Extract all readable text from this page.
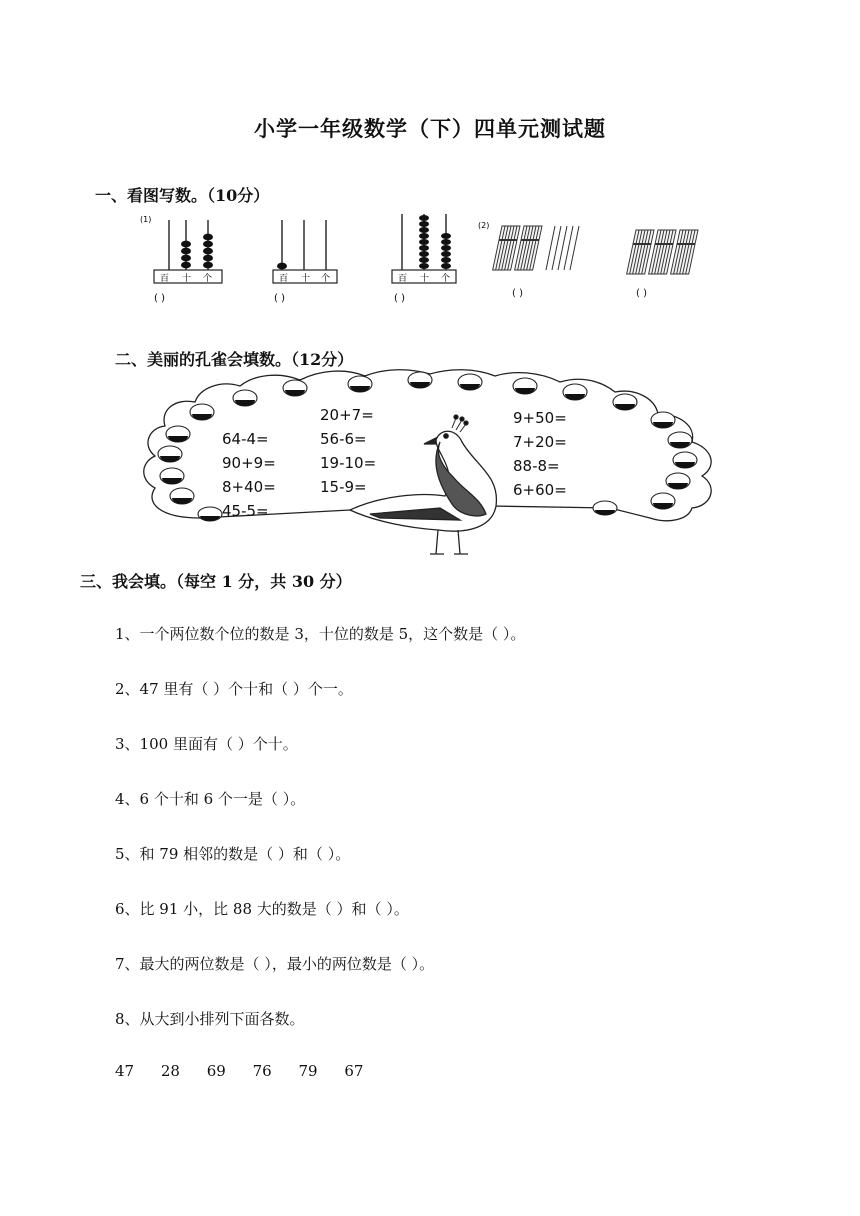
小学一年级数学（下）四单元测试题
一、看图写数。（10分）
(1)
百 十 个
( )
百 十 个
( )
百 十 个
( )
(2)
( )	( )
二、美丽的孔雀会填数。（12分）
64-4=
90+9=
8+40=
45-5=
20+7=
56-6=
19-10=
15-9=
9+50=
7+20=
88-8=
6+60=
三、我会填。（每空 1 分，共 30 分）
1、一个两位数个位的数是 3，十位的数是 5，这个数是（ ）。
2、47 里有（ ）个十和（ ）个一。
3、100 里面有（ ）个十。
4、6 个十和 6 个一是（ ）。
5、和 79 相邻的数是（ ）和（ ）。
6、比 91 小，比 88 大的数是（ ）和（ ）。
7、最大的两位数是（ ），最小的两位数是（ ）。
8、从大到小排列下面各数。
47 28 69 76 79 67
